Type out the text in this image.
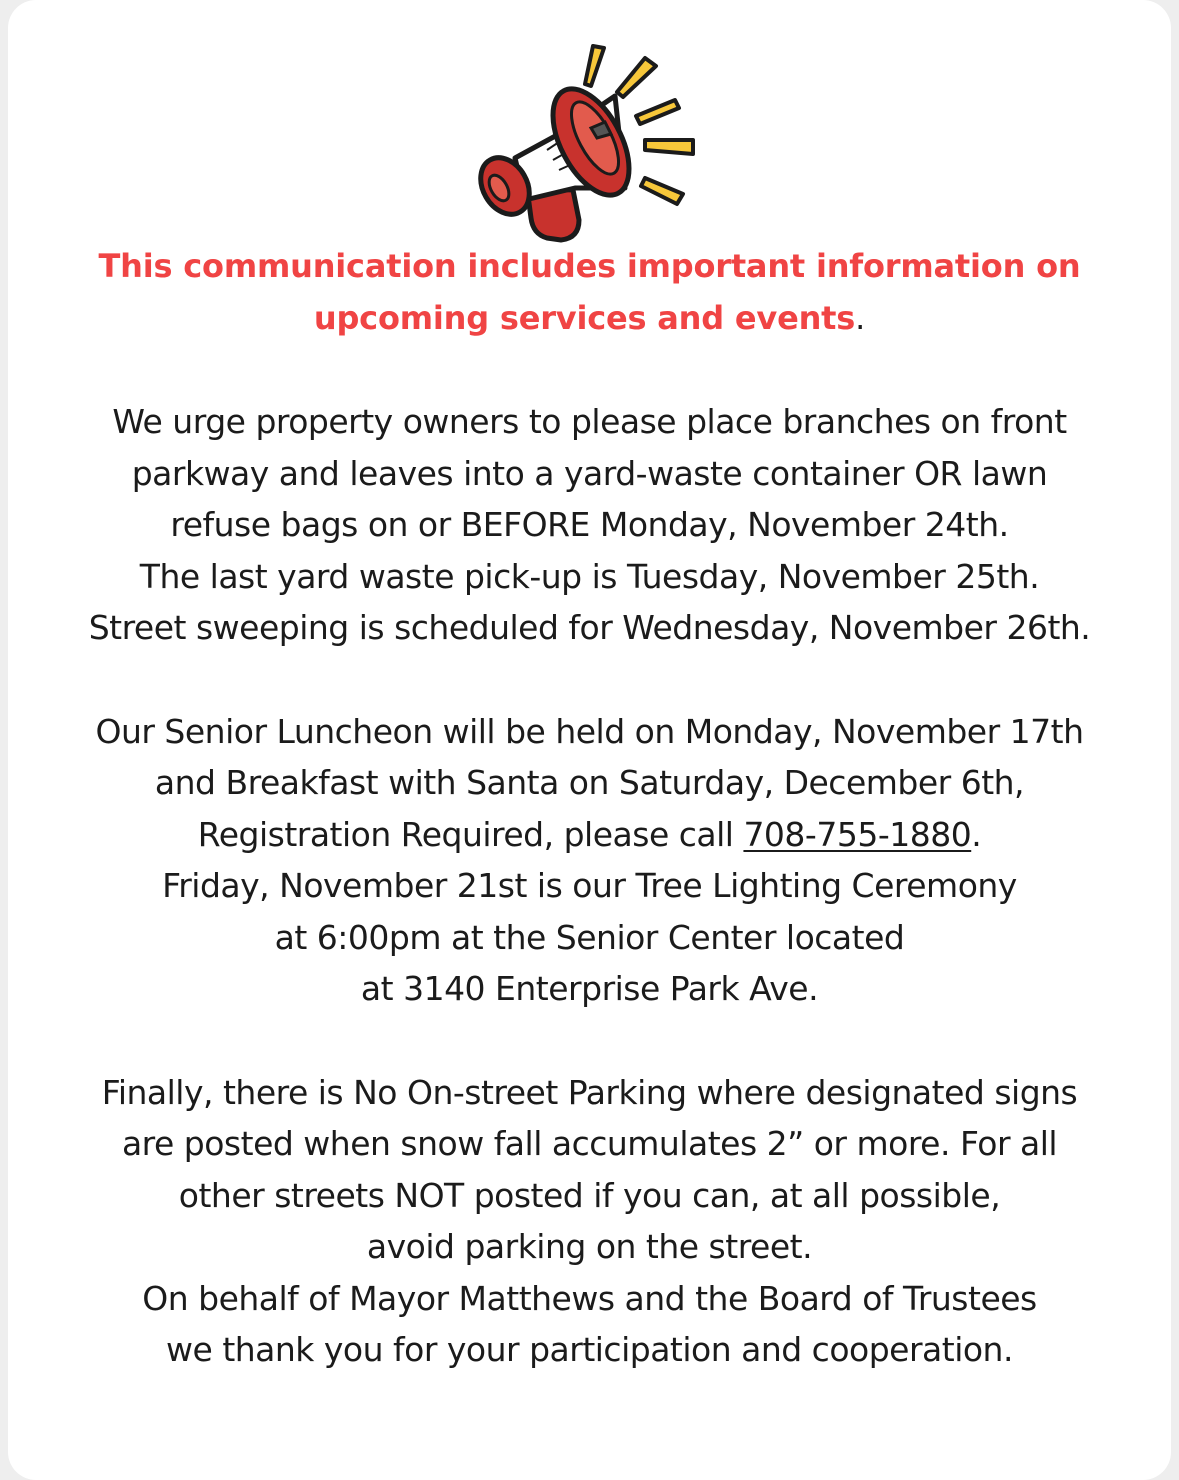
This communication includes important information on
upcoming services and events.

We urge property owners to please place branches on front
parkway and leaves into a yard-waste container OR lawn
refuse bags on or BEFORE Monday, November 24th.
The last yard waste pick-up is Tuesday, November 25th.
Street sweeping is scheduled for Wednesday, November 26th.

Our Senior Luncheon will be held on Monday, November 17th
and Breakfast with Santa on Saturday, December 6th,
Registration Required, please call 708-755-1880.
Friday, November 21st is our Tree Lighting Ceremony
at 6:00pm at the Senior Center located
at 3140 Enterprise Park Ave.

Finally, there is No On-street Parking where designated signs
are posted when snow fall accumulates 2” or more. For all
other streets NOT posted if you can, at all possible,
avoid parking on the street.
On behalf of Mayor Matthews and the Board of Trustees
we thank you for your participation and cooperation.
